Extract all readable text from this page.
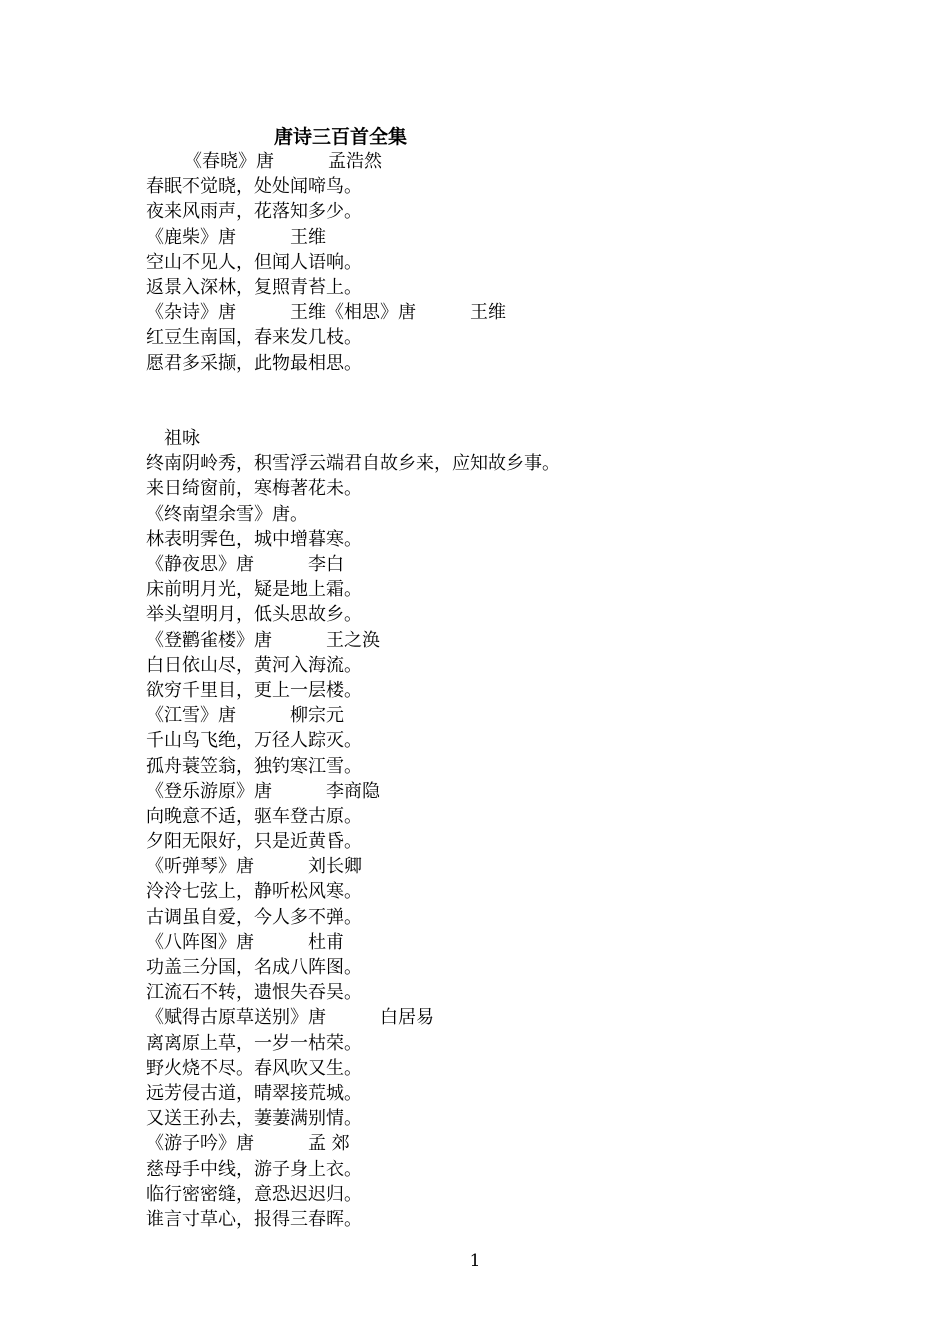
唐诗三百首全集
《春晓》唐　　　孟浩然
春眠不觉晓，处处闻啼鸟。
夜来风雨声，花落知多少。
《鹿柴》唐　　　王维
空山不见人，但闻人语响。
返景入深林，复照青苔上。
《杂诗》唐　　　王维《相思》唐　　　王维
红豆生南国，春来发几枝。
愿君多采撷，此物最相思。
祖咏
终南阴岭秀，积雪浮云端君自故乡来，应知故乡事。
来日绮窗前，寒梅著花未。
《终南望余雪》唐。
林表明霁色，城中增暮寒。
《静夜思》唐　　　李白
床前明月光，疑是地上霜。
举头望明月，低头思故乡。
《登鹳雀楼》唐　　　王之涣
白日依山尽，黄河入海流。
欲穷千里目，更上一层楼。
《江雪》唐　　　柳宗元
千山鸟飞绝，万径人踪灭。
孤舟蓑笠翁，独钓寒江雪。
《登乐游原》唐　　　李商隐
向晚意不适，驱车登古原。
夕阳无限好，只是近黄昏。
《听弹琴》唐　　　刘长卿
泠泠七弦上，静听松风寒。
古调虽自爱，今人多不弹。
《八阵图》唐　　　杜甫
功盖三分国，名成八阵图。
江流石不转，遗恨失吞吴。
《赋得古原草送别》唐　　　白居易
离离原上草，一岁一枯荣。
野火烧不尽。春风吹又生。
远芳侵古道，晴翠接荒城。
又送王孙去，萋萋满别情。
《游子吟》唐　　　孟 郊
慈母手中线，游子身上衣。
临行密密缝，意恐迟迟归。
谁言寸草心，报得三春晖。
1
